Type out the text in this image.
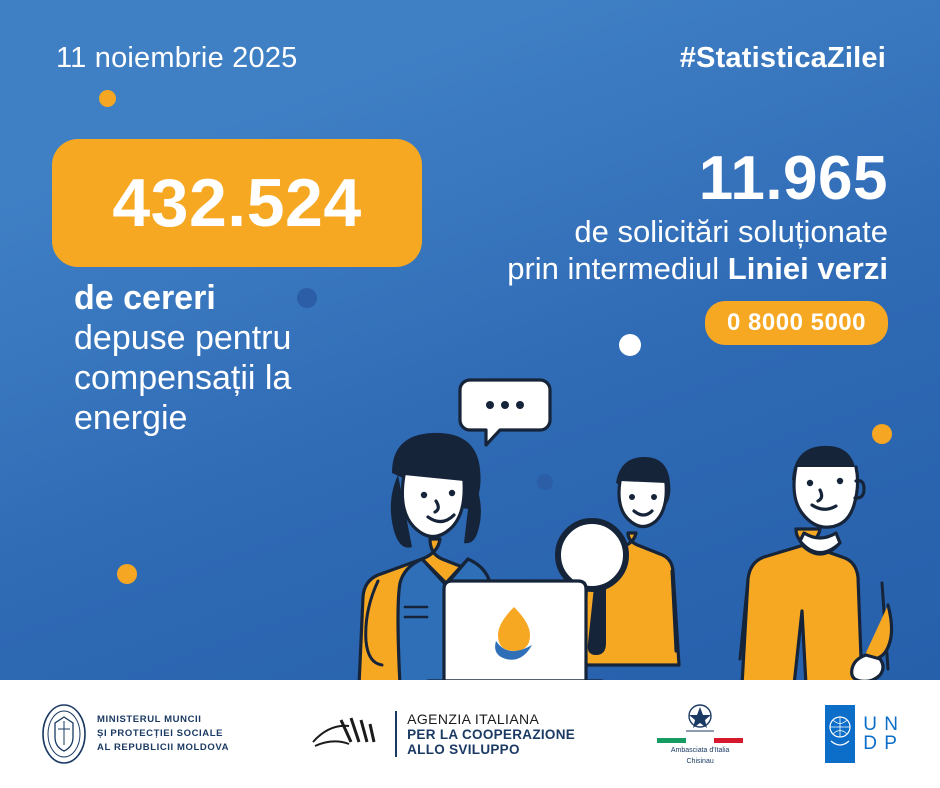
11 noiembrie 2025	#StatisticaZilei
432.524
de cereri
depuse pentru
compensații la
energie
11.965
de solicitări soluționate
prin intermediul Liniei verzi
0 8000 5000
MINISTERUL MUNCII
ȘI PROTECȚIEI SOCIALE
AL REPUBLICII MOLDOVA
AGENZIA ITALIANA
PER LA COOPERAZIONE
ALLO SVILUPPO	Ambasciata d'Italia
Chisinau
U N
D P
